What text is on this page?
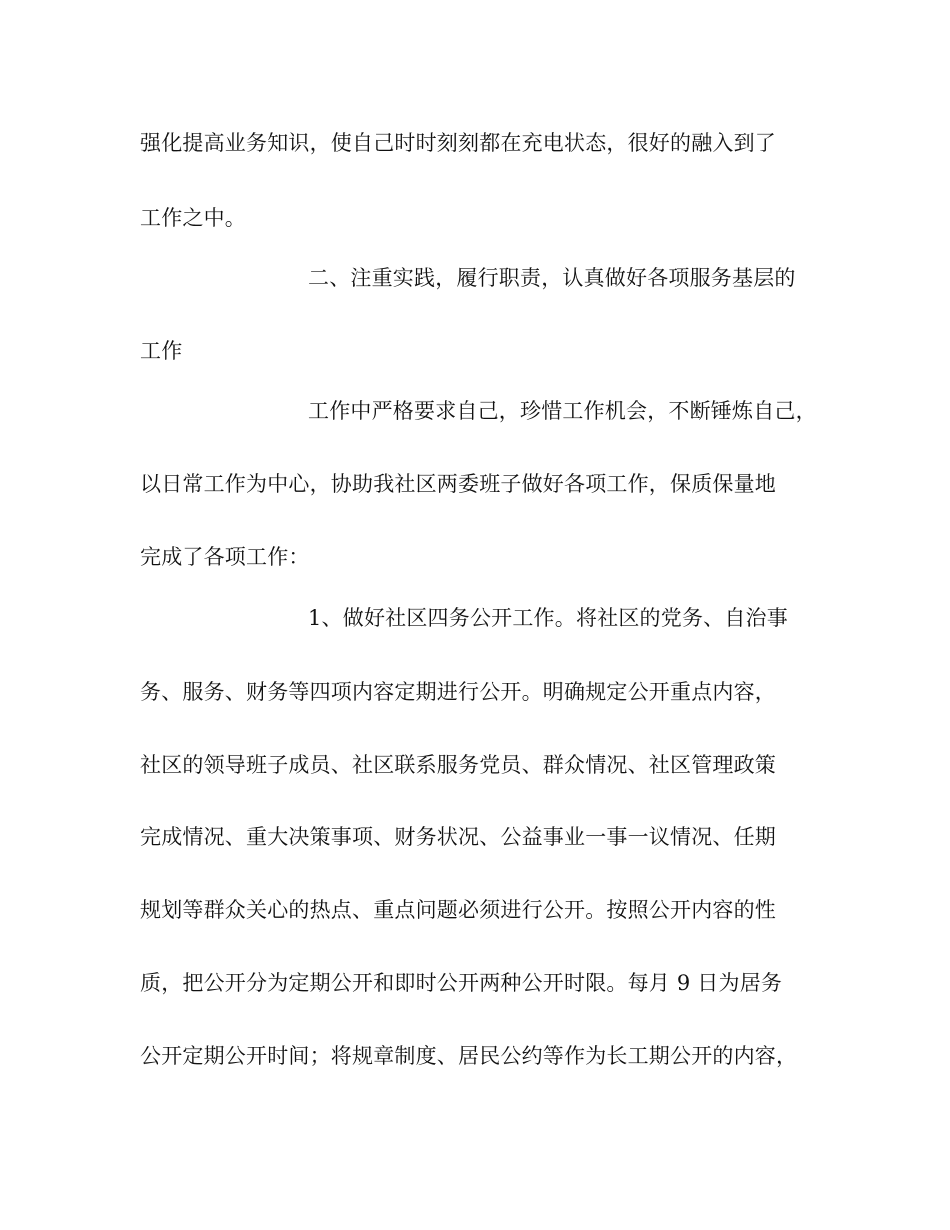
强化提高业务知识，使自己时时刻刻都在充电状态，很好的融入到了
工作之中。
二、注重实践，履行职责，认真做好各项服务基层的
工作
工作中严格要求自己，珍惜工作机会，不断锤炼自己，
以日常工作为中心，协助我社区两委班子做好各项工作，保质保量地
完成了各项工作：
1、做好社区四务公开工作。将社区的党务、自治事
务、服务、财务等四项内容定期进行公开。明确规定公开重点内容，
社区的领导班子成员、社区联系服务党员、群众情况、社区管理政策
完成情况、重大决策事项、财务状况、公益事业一事一议情况、任期
规划等群众关心的热点、重点问题必须进行公开。按照公开内容的性
质，把公开分为定期公开和即时公开两种公开时限。每月 9 日为居务
公开定期公开时间；将规章制度、居民公约等作为长工期公开的内容，
